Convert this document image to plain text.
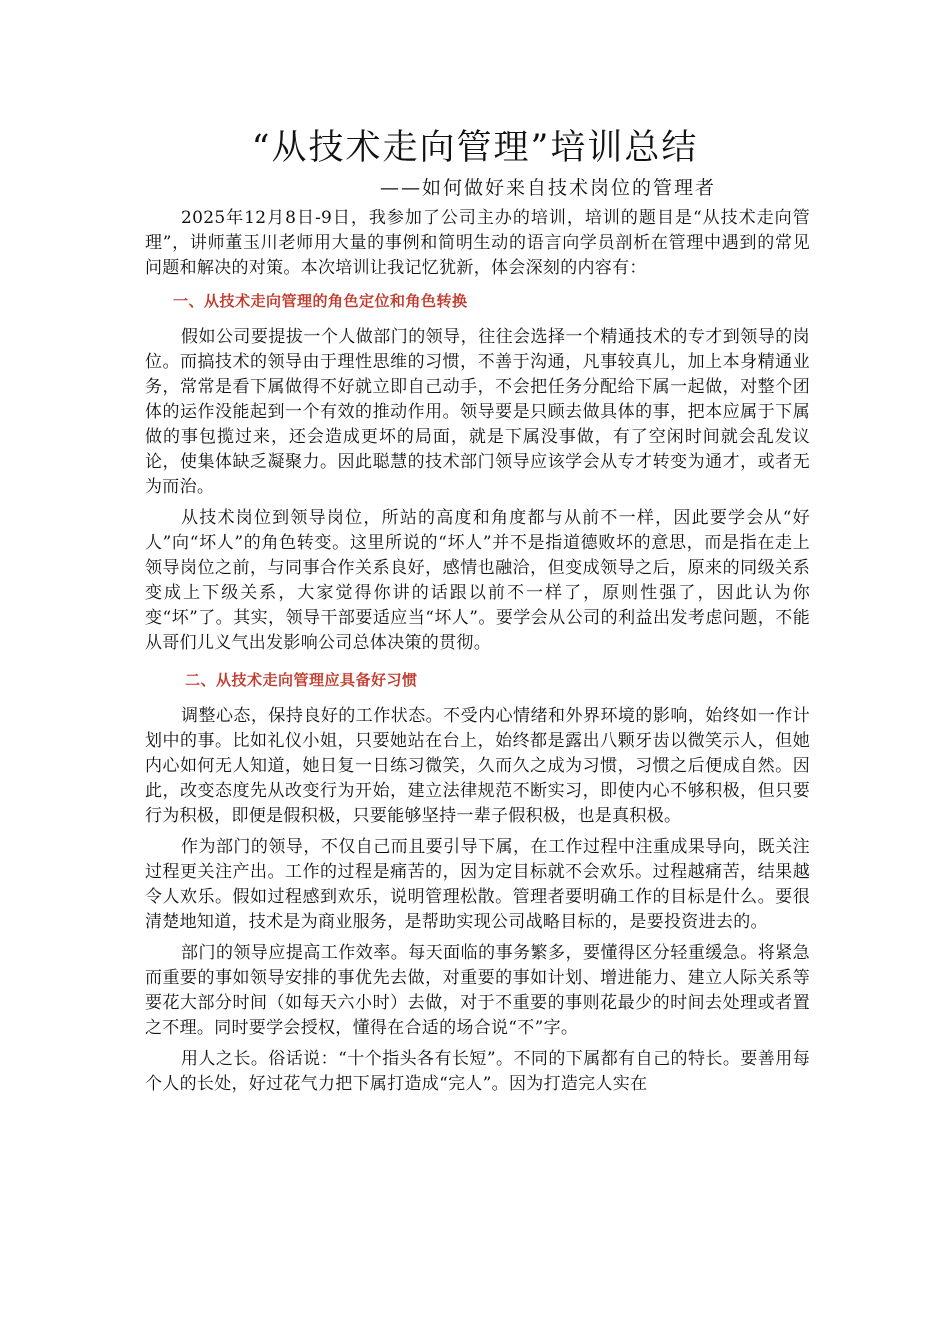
“从技术走向管理”培训总结

——如何做好来自技术岗位的管理者

2025年12月8日-9日，我参加了公司主办的培训，培训的题目是“从技术走向管理”，讲师董玉川老师用大量的事例和简明生动的语言向学员剖析在管理中遇到的常见问题和解决的对策。本次培训让我记忆犹新，体会深刻的内容有：

一、从技术走向管理的角色定位和角色转换

假如公司要提拔一个人做部门的领导，往往会选择一个精通技术的专才到领导的岗位。而搞技术的领导由于理性思维的习惯，不善于沟通，凡事较真儿，加上本身精通业务，常常是看下属做得不好就立即自己动手，不会把任务分配给下属一起做，对整个团体的运作没能起到一个有效的推动作用。领导要是只顾去做具体的事，把本应属于下属做的事包揽过来，还会造成更坏的局面，就是下属没事做，有了空闲时间就会乱发议论，使集体缺乏凝聚力。因此聪慧的技术部门领导应该学会从专才转变为通才，或者无为而治。

从技术岗位到领导岗位，所站的高度和角度都与从前不一样，因此要学会从“好人”向“坏人”的角色转变。这里所说的“坏人”并不是指道德败坏的意思，而是指在走上领导岗位之前，与同事合作关系良好，感情也融洽，但变成领导之后，原来的同级关系变成上下级关系，大家觉得你讲的话跟以前不一样了，原则性强了，因此认为你变“坏”了。其实，领导干部要适应当“坏人”。要学会从公司的利益出发考虑问题，不能从哥们儿义气出发影响公司总体决策的贯彻。

二、从技术走向管理应具备好习惯

调整心态，保持良好的工作状态。不受内心情绪和外界环境的影响，始终如一作计划中的事。比如礼仪小姐，只要她站在台上，始终都是露出八颗牙齿以微笑示人，但她内心如何无人知道，她日复一日练习微笑，久而久之成为习惯，习惯之后便成自然。因此，改变态度先从改变行为开始，建立法律规范不断实习，即使内心不够积极，但只要行为积极，即便是假积极，只要能够坚持一辈子假积极，也是真积极。

作为部门的领导，不仅自己而且要引导下属，在工作过程中注重成果导向，既关注过程更关注产出。工作的过程是痛苦的，因为定目标就不会欢乐。过程越痛苦，结果越令人欢乐。假如过程感到欢乐，说明管理松散。管理者要明确工作的目标是什么。要很清楚地知道，技术是为商业服务，是帮助实现公司战略目标的，是要投资进去的。

部门的领导应提高工作效率。每天面临的事务繁多，要懂得区分轻重缓急。将紧急而重要的事如领导安排的事优先去做，对重要的事如计划、增进能力、建立人际关系等要花大部分时间（如每天六小时）去做，对于不重要的事则花最少的时间去处理或者置之不理。同时要学会授权，懂得在合适的场合说“不”字。

用人之长。俗话说：“十个指头各有长短”。不同的下属都有自己的特长。要善用每个人的长处，好过花气力把下属打造成“完人”。因为打造完人实在
